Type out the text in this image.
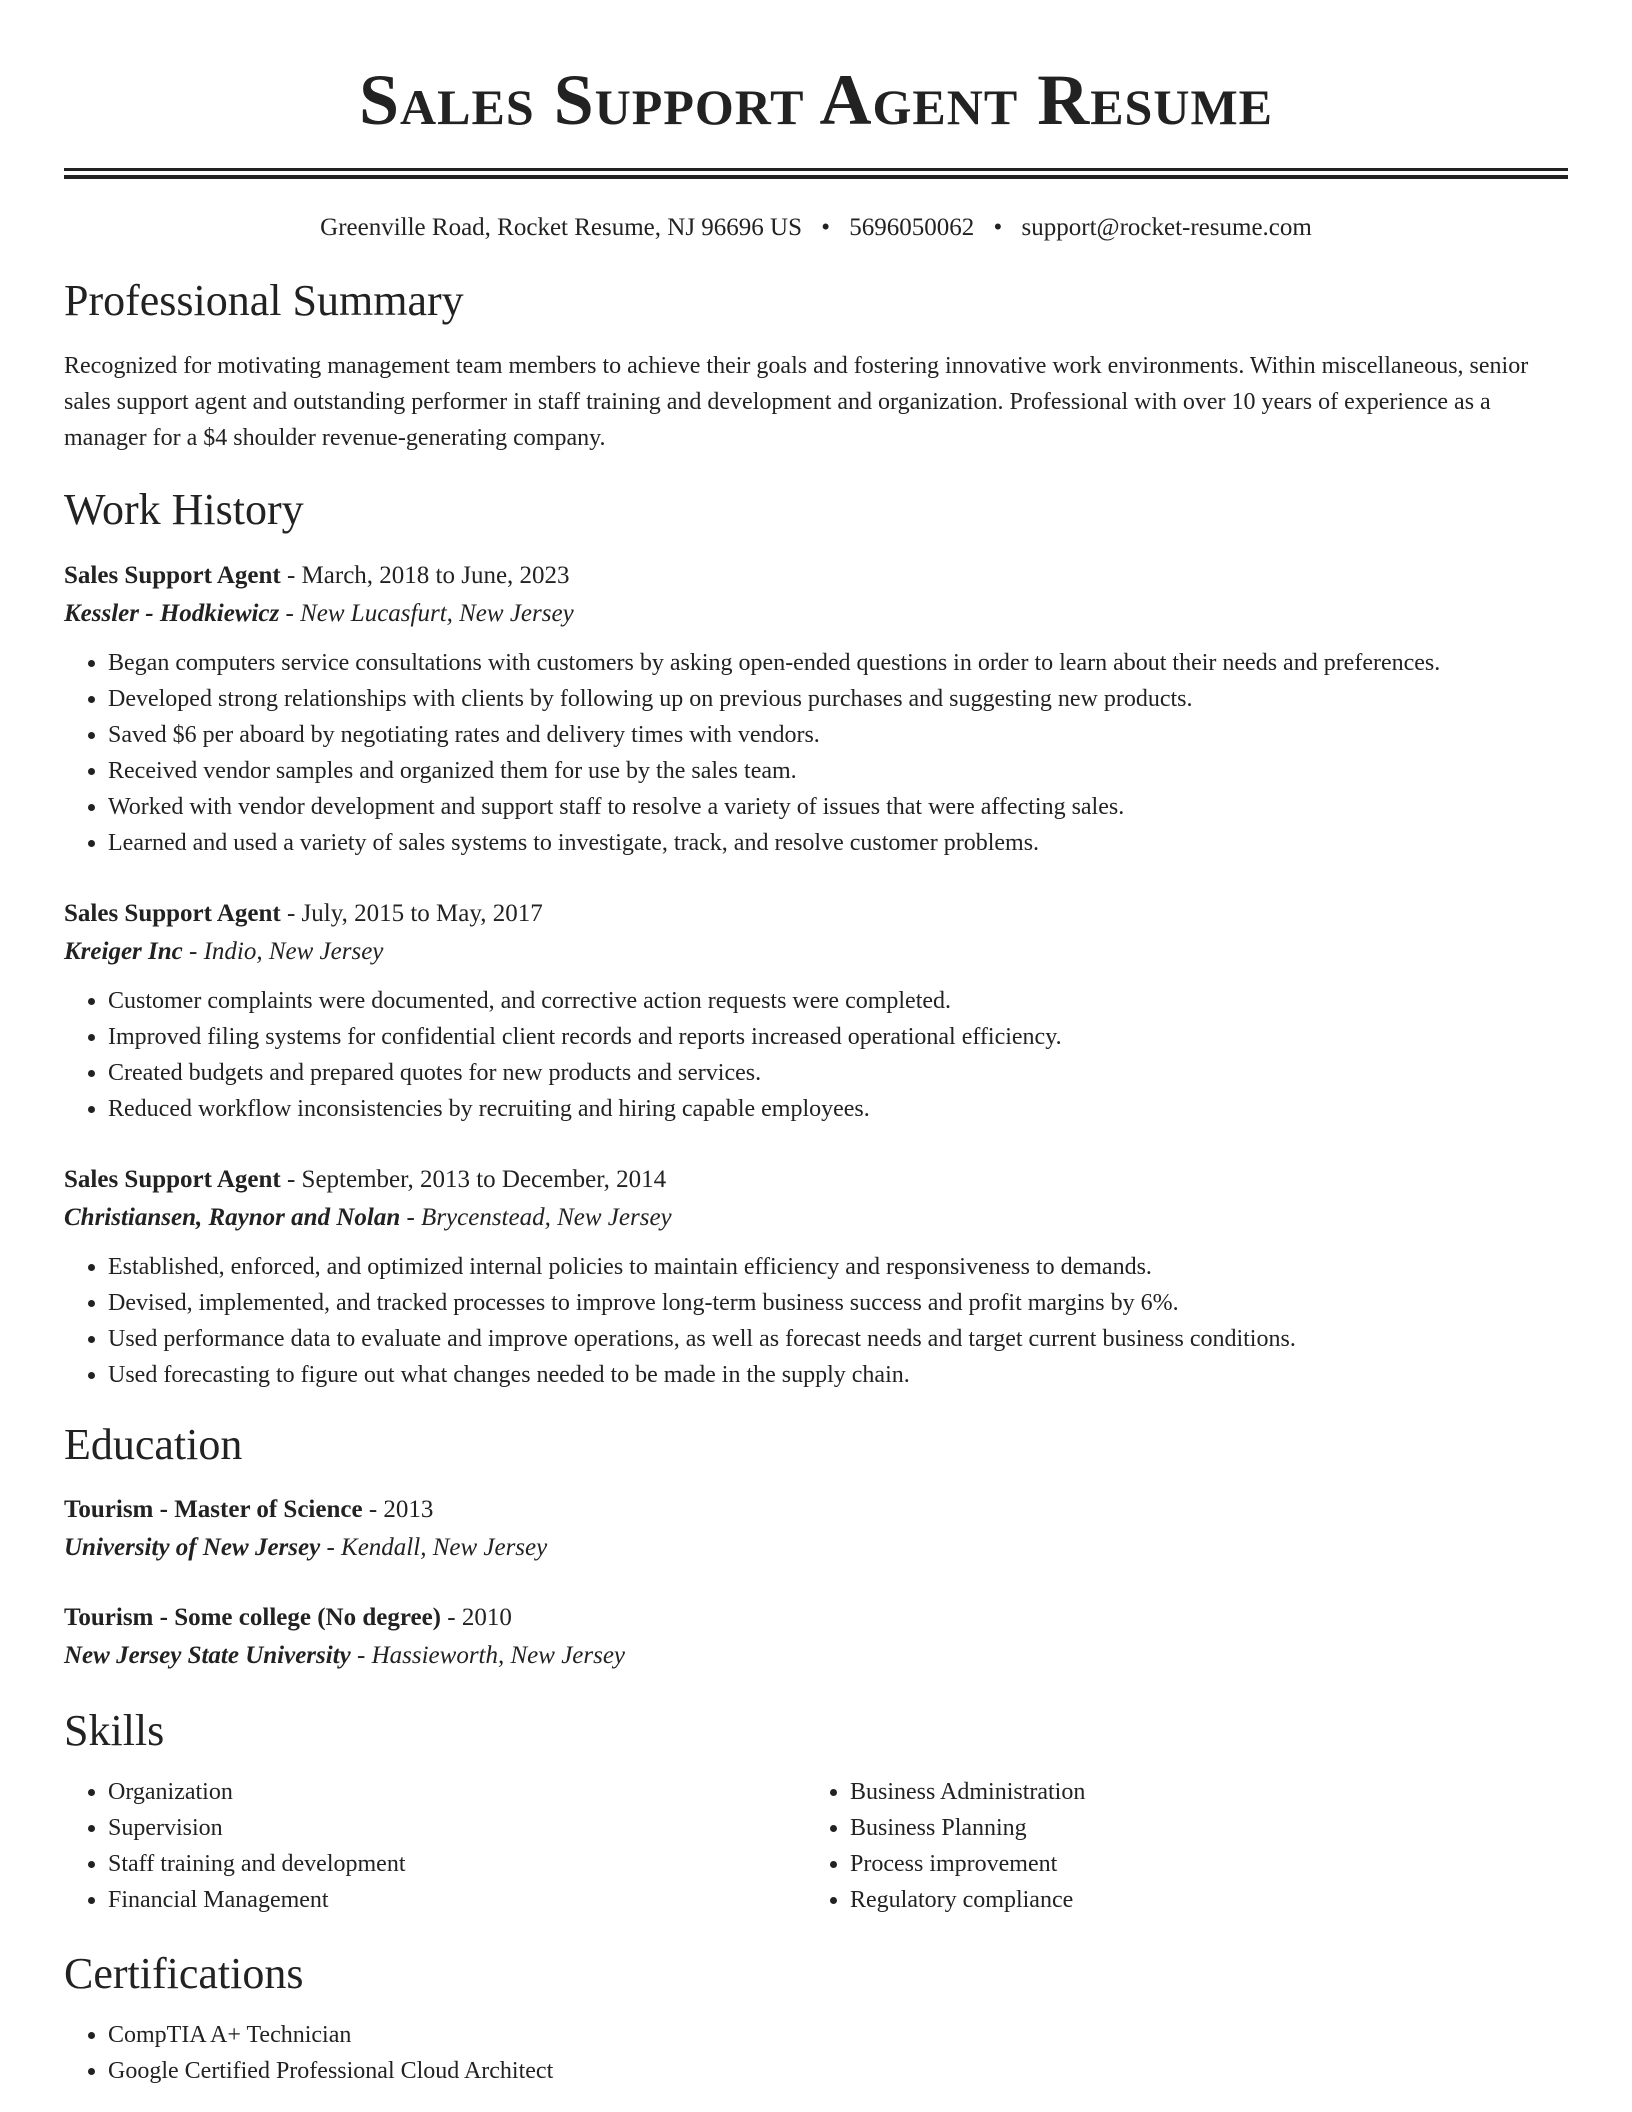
Sales Support Agent Resume
Greenville Road, Rocket Resume, NJ 96696 US • 5696050062 • support@rocket-resume.com
Professional Summary

Recognized for motivating management team members to achieve their goals and fostering innovative work environments. Within miscellaneous, senior sales support agent and outstanding performer in staff training and development and organization. Professional with over 10 years of experience as a manager for a $4 shoulder revenue-generating company.

Work History
Sales Support Agent - March, 2018 to June, 2023
Kessler - Hodkiewicz - New Lucasfurt, New Jersey
• Began computers service consultations with customers by asking open-ended questions in order to learn about their needs and preferences.
• Developed strong relationships with clients by following up on previous purchases and suggesting new products.
• Saved $6 per aboard by negotiating rates and delivery times with vendors.
• Received vendor samples and organized them for use by the sales team.
• Worked with vendor development and support staff to resolve a variety of issues that were affecting sales.
• Learned and used a variety of sales systems to investigate, track, and resolve customer problems.
Sales Support Agent - July, 2015 to May, 2017
Kreiger Inc - Indio, New Jersey
• Customer complaints were documented, and corrective action requests were completed.
• Improved filing systems for confidential client records and reports increased operational efficiency.
• Created budgets and prepared quotes for new products and services.
• Reduced workflow inconsistencies by recruiting and hiring capable employees.
Sales Support Agent - September, 2013 to December, 2014
Christiansen, Raynor and Nolan - Brycenstead, New Jersey
• Established, enforced, and optimized internal policies to maintain efficiency and responsiveness to demands.
• Devised, implemented, and tracked processes to improve long-term business success and profit margins by 6%.
• Used performance data to evaluate and improve operations, as well as forecast needs and target current business conditions.
• Used forecasting to figure out what changes needed to be made in the supply chain.
Education
Tourism - Master of Science - 2013
University of New Jersey - Kendall, New Jersey
Tourism - Some college (No degree) - 2010
New Jersey State University - Hassieworth, New Jersey
Skills
• Organization
• Supervision
• Staff training and development
• Financial Management
• Business Administration
• Business Planning
• Process improvement
• Regulatory compliance
Certifications
• CompTIA A+ Technician
• Google Certified Professional Cloud Architect
